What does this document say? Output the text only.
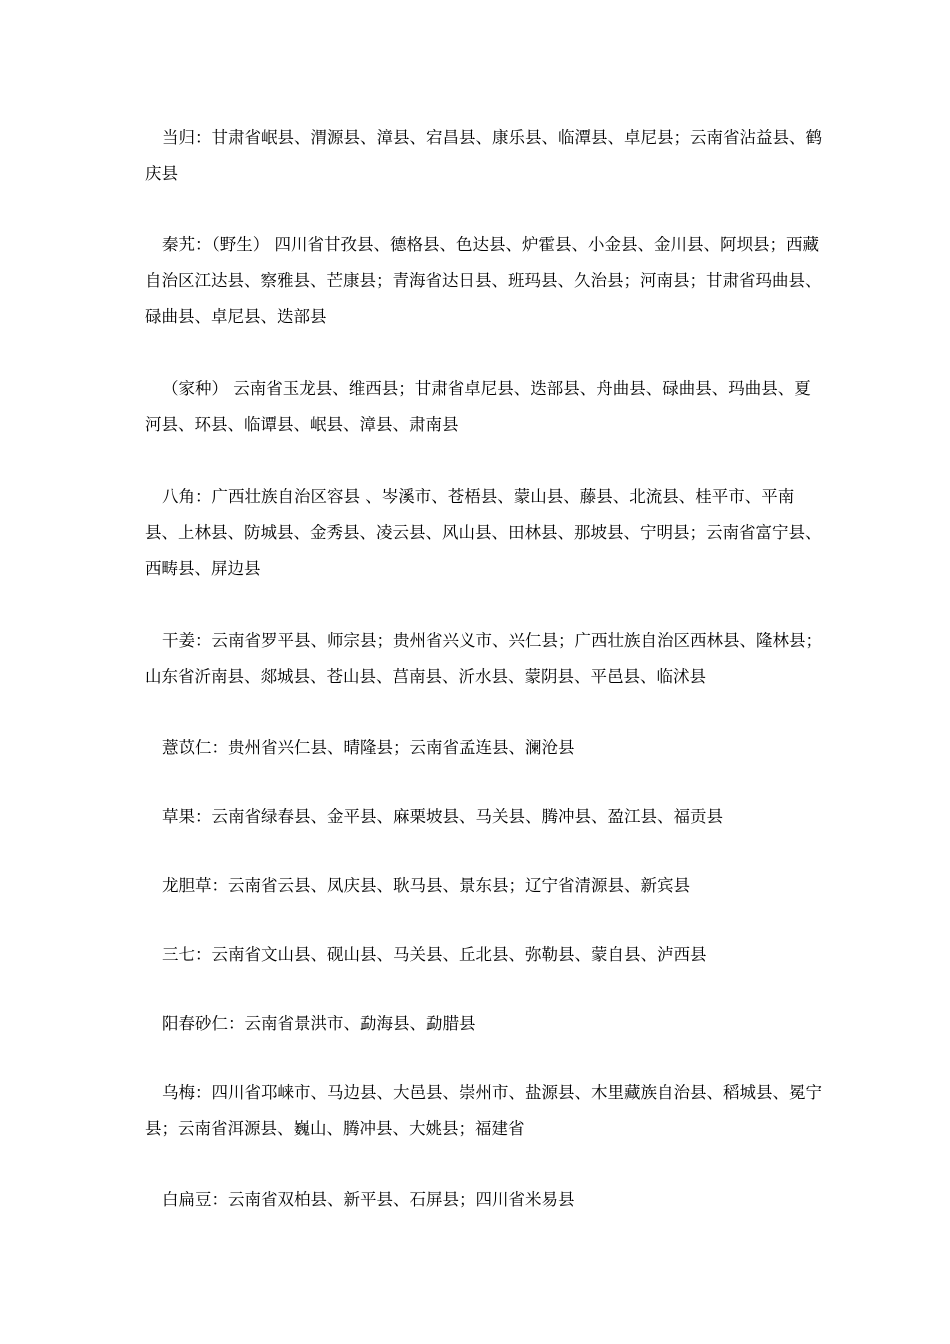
当归：甘肃省岷县、渭源县、漳县、宕昌县、康乐县、临潭县、卓尼县；云南省沾益县、鹤庆县

秦艽：（野生） 四川省甘孜县、德格县、色达县、炉霍县、小金县、金川县、阿坝县；西藏自治区江达县、察雅县、芒康县；青海省达日县、班玛县、久治县；河南县；甘肃省玛曲县、碌曲县、卓尼县、迭部县

（家种） 云南省玉龙县、维西县；甘肃省卓尼县、迭部县、舟曲县、碌曲县、玛曲县、夏河县、环县、临谭县、岷县、漳县、肃南县

八角：广西壮族自治区容县 、岑溪市、苍梧县、蒙山县、藤县、北流县、桂平市、平南县、上林县、防城县、金秀县、凌云县、风山县、田林县、那坡县、宁明县；云南省富宁县、西畴县、屏边县

干姜：云南省罗平县、师宗县；贵州省兴义市、兴仁县；广西壮族自治区西林县、隆林县；山东省沂南县、郯城县、苍山县、莒南县、沂水县、蒙阴县、平邑县、临沭县

薏苡仁：贵州省兴仁县、晴隆县；云南省孟连县、澜沧县

草果：云南省绿春县、金平县、麻栗坡县、马关县、腾冲县、盈江县、福贡县

龙胆草：云南省云县、凤庆县、耿马县、景东县；辽宁省清源县、新宾县

三七：云南省文山县、砚山县、马关县、丘北县、弥勒县、蒙自县、泸西县

阳春砂仁：云南省景洪市、勐海县、勐腊县

乌梅：四川省邛崃市、马边县、大邑县、崇州市、盐源县、木里藏族自治县、稻城县、冕宁县；云南省洱源县、巍山、腾冲县、大姚县；福建省

白扁豆：云南省双柏县、新平县、石屏县；四川省米易县
